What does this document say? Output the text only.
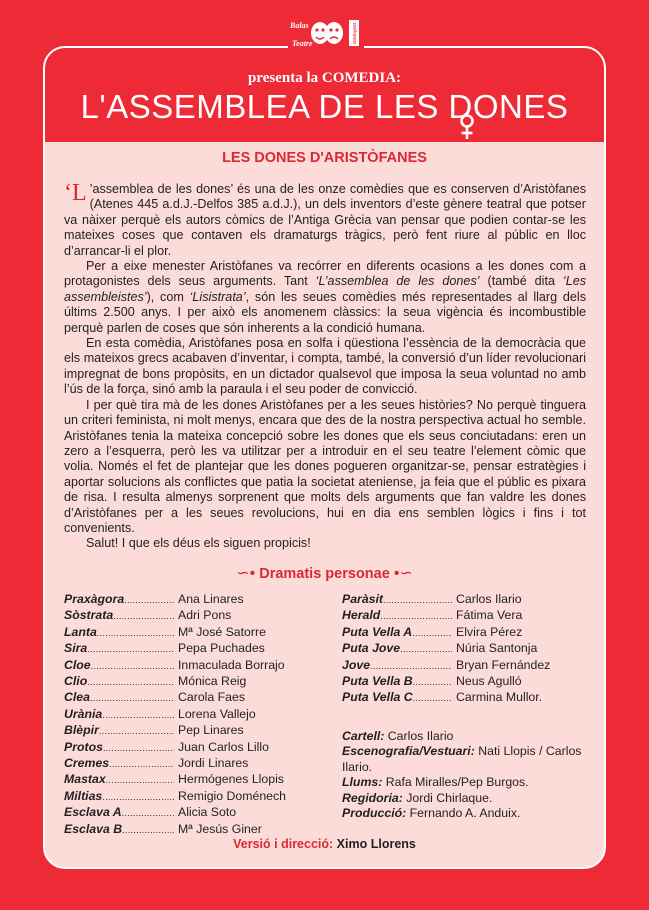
Balas
Teatre	Ontinyent
presenta la COMEDIA:
L'ASSEMBLEA DE LES DONES
LES DONES D'ARISTÒFANES

‘L ’assemblea de les dones’ és una de les onze comèdies que es conserven d’Aristòfanes (Atenes 445 a.d.J.-Delfos 385 a.d.J.), un dels inventors d’este gènere teatral que potser va nàixer perquè els autors còmics de l’Antiga Grècia van pensar que podien contar-se les mateixes coses que contaven els dramaturgs tràgics, però fent riure al públic en lloc d’arrancar-li el plor.

Per a eixe menester Aristòfanes va recórrer en diferents ocasions a les dones com a protagonistes dels seus arguments. Tant ‘L’assemblea de les dones’ (també dita ‘Les assembleistes’), com ‘Lisistrata’, són les seues comèdies més representades al llarg dels últims 2.500 anys. I per això els anomenem clàssics: la seua vigència és incombustible perquè parlen de coses que són inherents a la condició humana.

En esta comèdia, Aristòfanes posa en solfa i qüestiona l’essència de la democràcia que els mateixos grecs acabaven d’inventar, i compta, també, la conversió d’un líder revolucionari impregnat de bons propòsits, en un dictador qualsevol que imposa la seua voluntad no amb l’ús de la força, sinó amb la paraula i el seu poder de convicció.

I per què tira mà de les dones Aristòfanes per a les seues històries? No perquè tinguera un criteri feminista, ni molt menys, encara que des de la nostra perspectiva actual ho semble. Aristòfanes tenia la mateixa concepció sobre les dones que els seus conciutadans: eren un zero a l’esquerra, però les va utilitzar per a introduir en el seu teatre l’element còmic que volia. Només el fet de plantejar que les dones pogueren organitzar-se, pensar estratègies i aportar solucions als conflictes que patia la societat ateniense, ja feia que el públic es pixara de risa. I resulta almenys sorprenent que molts dels arguments que fan valdre les dones d’Aristòfanes per a les seues revolucions, hui en dia ens semblen lògics i fins i tot convenients.

Salut! I que els déus els siguen propicis!

∽• Dramatis personae •∽
Praxàgora .....	Ana Linares
Sòstrata .....	Adri Pons
Lanta .....	Mª José Satorre
Sira .....	Pepa Puchades
Cloe .....	Inmaculada Borrajo
Clio .....	Mónica Reig
Clea .....	Carola Faes
Urània .....	Lorena Vallejo
Blèpir .....	Pep Linares
Protos .....	Juan Carlos Lillo
Cremes .....	Jordi Linares
Mastax .....	Hermógenes Llopis
Miltias .....	Remigio Doménech
Esclava A .....	Alicia Soto
Esclava B .....	Mª Jesús Giner
Paràsit .....	Carlos Ilario
Herald .....	Fátima Vera
Puta Vella A .....	Elvira Pérez
Puta Jove .....	Núria Santonja
Jove .....	Bryan Fernández
Puta Vella B .....	Neus Agulló
Puta Vella C .....	Carmina Mullor.
Cartell: Carlos Ilario
Escenografia/Vestuari: Nati Llopis / Carlos Ilario.
Llums: Rafa Miralles/Pep Burgos.
Regidoria: Jordi Chirlaque.
Producció: Fernando A. Anduix.
Versió i direcció: Ximo Llorens
